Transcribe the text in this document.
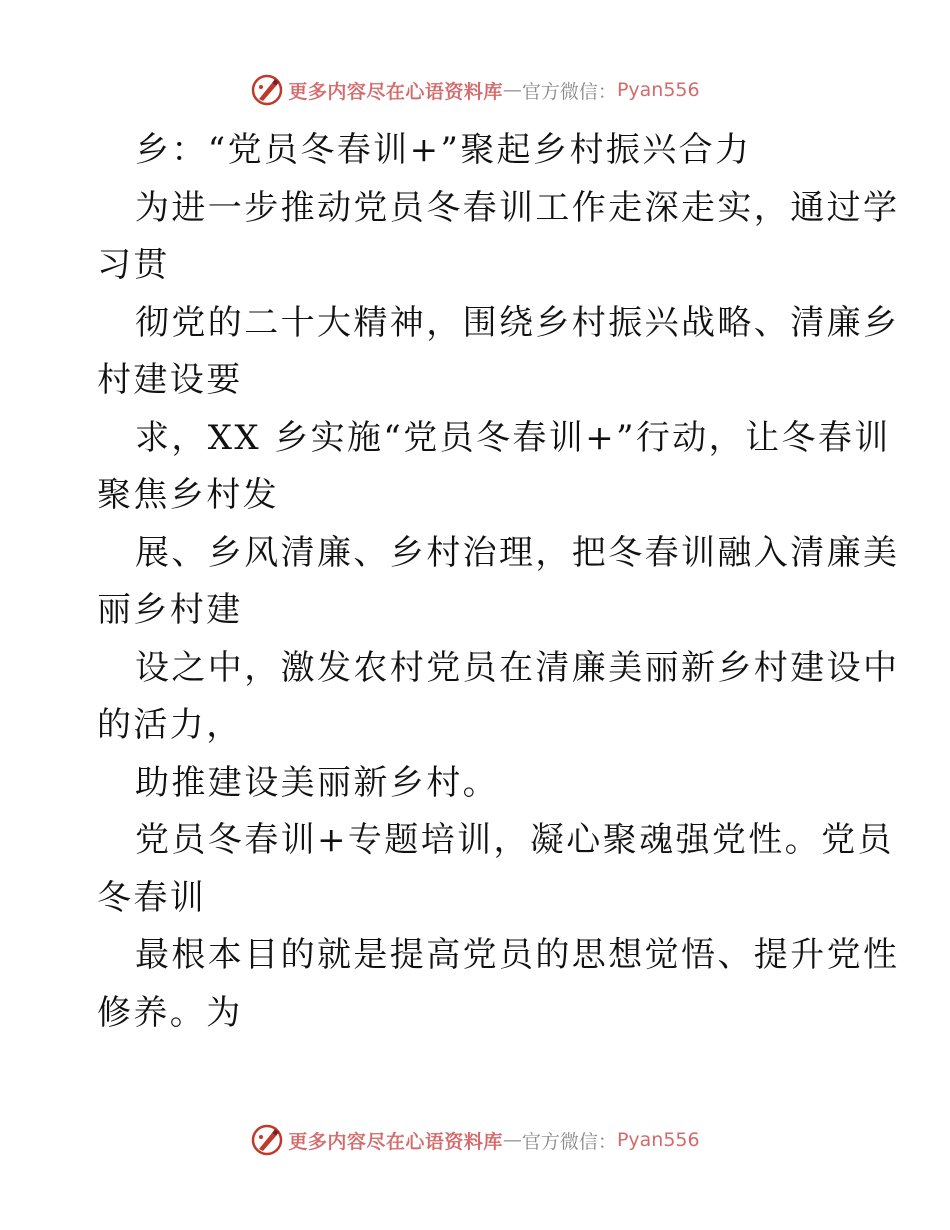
更多内容尽在心语资料库 — 官方微信： Pyan556
乡：“党员冬春训+”聚起乡村振兴合力
为进一步推动党员冬春训工作走深走实，通过学
习贯
彻党的二十大精神，围绕乡村振兴战略、清廉乡
村建设要
求，XX 乡实施“党员冬春训+”行动，让冬春训
聚焦乡村发
展、乡风清廉、乡村治理，把冬春训融入清廉美
丽乡村建
设之中，激发农村党员在清廉美丽新乡村建设中
的活力，
助推建设美丽新乡村。
党员冬春训+专题培训，凝心聚魂强党性。党员
冬春训
最根本目的就是提高党员的思想觉悟、提升党性
修养。为
更多内容尽在心语资料库 — 官方微信： Pyan556
